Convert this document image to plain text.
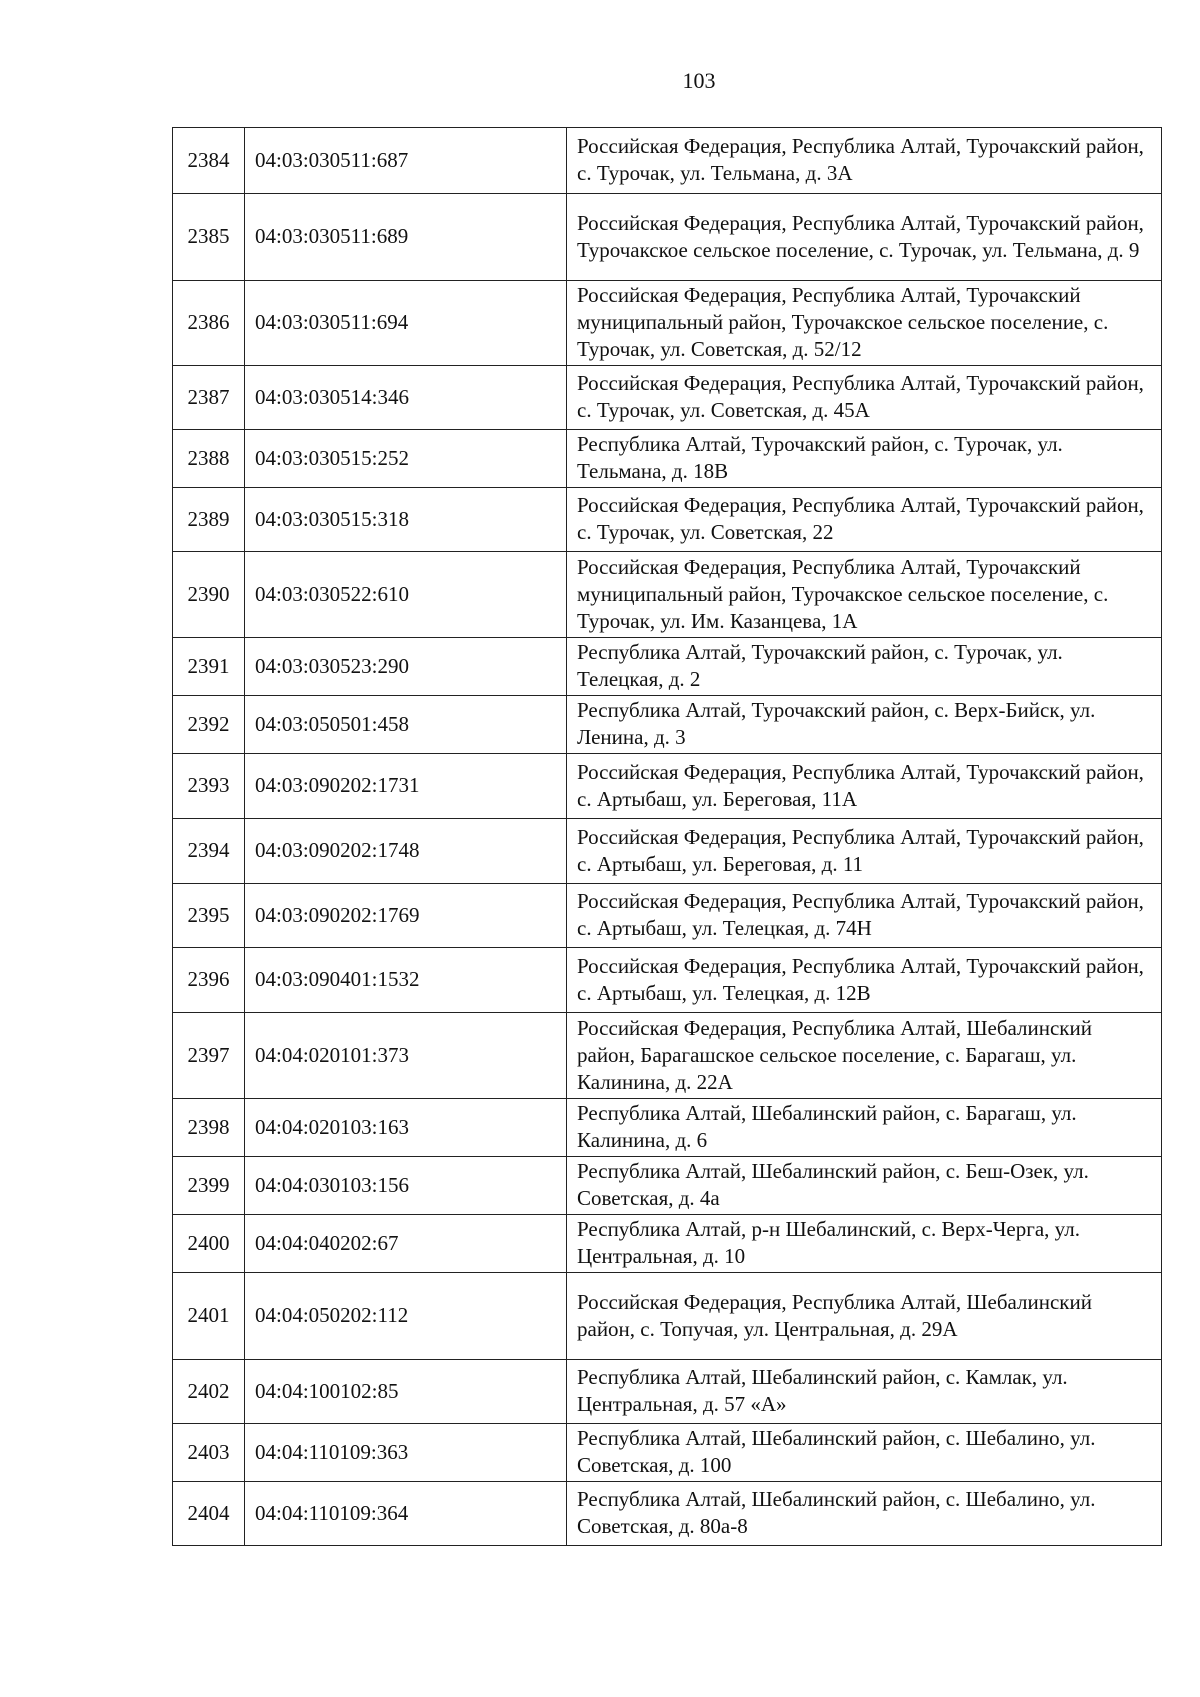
103
2384	04:03:030511:687	Российская Федерация, Республика Алтай, Турочакский район, с. Турочак, ул. Тельмана, д. 3А
2385	04:03:030511:689	Российская Федерация, Республика Алтай, Турочакский район, Турочакское сельское поселение, с. Турочак, ул. Тельмана, д. 9
2386	04:03:030511:694	Российская Федерация, Республика Алтай, Турочакский муниципальный район, Турочакское сельское поселение, с. Турочак, ул. Советская, д. 52/12
2387	04:03:030514:346	Российская Федерация, Республика Алтай, Турочакский район, с. Турочак, ул. Советская, д. 45А
2388	04:03:030515:252	Республика Алтай, Турочакский район, с. Турочак, ул. Тельмана, д. 18В
2389	04:03:030515:318	Российская Федерация, Республика Алтай, Турочакский район, с. Турочак, ул. Советская, 22
2390	04:03:030522:610	Российская Федерация, Республика Алтай, Турочакский муниципальный район, Турочакское сельское поселение, с. Турочак, ул. Им. Казанцева, 1А
2391	04:03:030523:290	Республика Алтай, Турочакский район, с. Турочак, ул. Телецкая, д. 2
2392	04:03:050501:458	Республика Алтай, Турочакский район, с. Верх-Бийск, ул. Ленина, д. 3
2393	04:03:090202:1731	Российская Федерация, Республика Алтай, Турочакский район, с. Артыбаш, ул. Береговая, 11А
2394	04:03:090202:1748	Российская Федерация, Республика Алтай, Турочакский район, с. Артыбаш, ул. Береговая, д. 11
2395	04:03:090202:1769	Российская Федерация, Республика Алтай, Турочакский район, с. Артыбаш, ул. Телецкая, д. 74Н
2396	04:03:090401:1532	Российская Федерация, Республика Алтай, Турочакский район, с. Артыбаш, ул. Телецкая, д. 12В
2397	04:04:020101:373	Российская Федерация, Республика Алтай, Шебалинский район, Барагашское сельское поселение, с. Барагаш, ул. Калинина, д. 22А
2398	04:04:020103:163	Республика Алтай, Шебалинский район, с. Барагаш, ул. Калинина, д. 6
2399	04:04:030103:156	Республика Алтай, Шебалинский район, с. Беш-Озек, ул. Советская, д. 4а
2400	04:04:040202:67	Республика Алтай, р-н Шебалинский, с. Верх-Черга, ул. Центральная, д. 10
2401	04:04:050202:112	Российская Федерация, Республика Алтай, Шебалинский район, с. Топучая, ул. Центральная, д. 29А
2402	04:04:100102:85	Республика Алтай, Шебалинский район, с. Камлак, ул. Центральная, д. 57 «А»
2403	04:04:110109:363	Республика Алтай, Шебалинский район, с. Шебалино, ул. Советская, д. 100
2404	04:04:110109:364	Республика Алтай, Шебалинский район, с. Шебалино, ул. Советская, д. 80а-8
